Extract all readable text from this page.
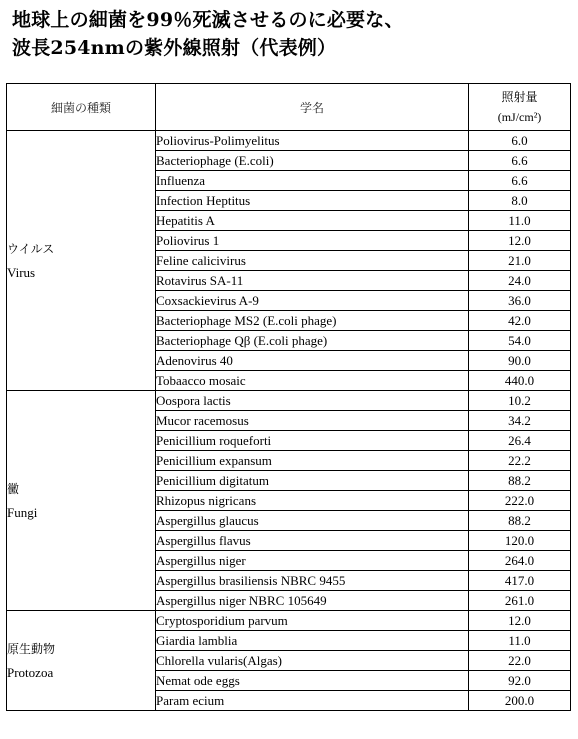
地球上の細菌を99％死滅させるのに必要な、
波長254nmの紫外線照射（代表例）
細菌の種類	学名	照射量
(mJ/cm²)

ウイルス
Virus	Poliovirus-Polimyelitus	6.0
	Bacteriophage (E.coli)	6.6
	Influenza	6.6
	Infection Heptitus	8.0
	Hepatitis A	11.0
	Poliovirus 1	12.0
	Feline calicivirus	21.0
	Rotavirus SA-11	24.0
	Coxsackievirus A-9	36.0
	Bacteriophage MS2 (E.coli phage)	42.0
	Bacteriophage Qβ (E.coli phage)	54.0
	Adenovirus 40	90.0
	Tobaacco mosaic	440.0

黴
Fungi	Oospora lactis	10.2
	Mucor racemosus	34.2
	Penicillium roqueforti	26.4
	Penicillium expansum	22.2
	Penicillium digitatum	88.2
	Rhizopus nigricans	222.0
	Aspergillus glaucus	88.2
	Aspergillus flavus	120.0
	Aspergillus niger	264.0
	Aspergillus brasiliensis NBRC 9455	417.0
	Aspergillus niger NBRC 105649	261.0

原生動物
Protozoa	Cryptosporidium parvum	12.0
	Giardia lamblia	11.0
	Chlorella vularis(Algas)	22.0
	Nemat ode eggs	92.0
	Param ecium	200.0
